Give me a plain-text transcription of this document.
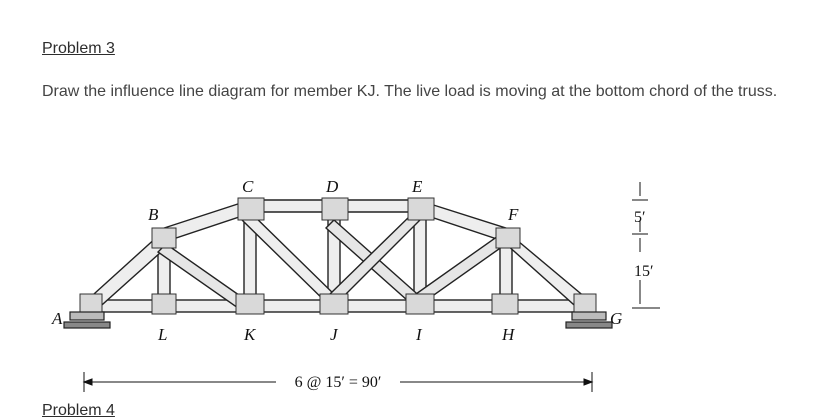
Problem 3
Draw the influence line diagram for member KJ. The live load is moving at the bottom chord of the truss.
A
B
C	D	E
F
G
L	K	J	I	H
6 @ 15′ = 90′
5′
15′
Problem 4
